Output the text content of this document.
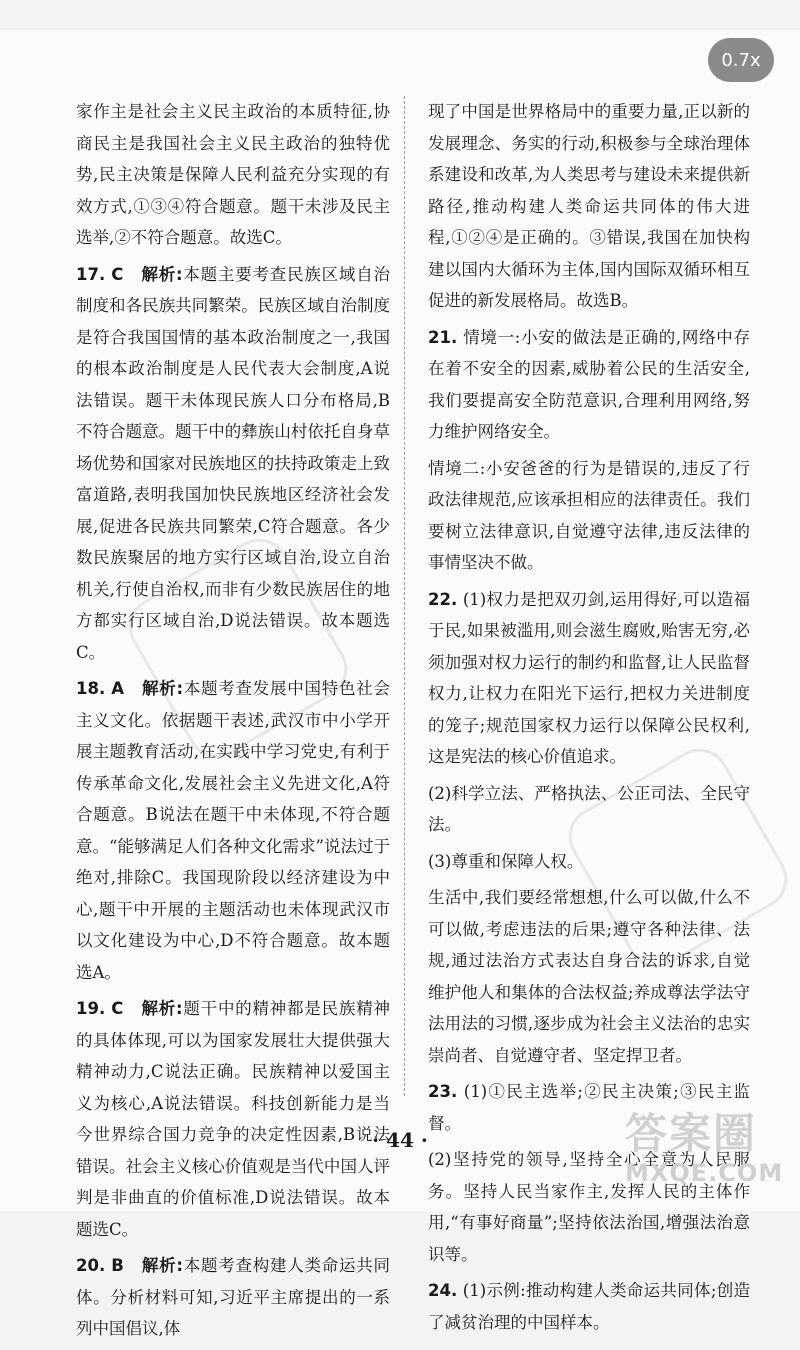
0.7x

家作主是社会主义民主政治的本质特征,协商民主是我国社会主义民主政治的独特优势,民主决策是保障人民利益充分实现的有效方式,①③④符合题意。题干未涉及民主选举,②不符合题意。故选C。

17. C　解析:本题主要考查民族区域自治制度和各民族共同繁荣。民族区域自治制度是符合我国国情的基本政治制度之一,我国的根本政治制度是人民代表大会制度,A说法错误。题干未体现民族人口分布格局,B不符合题意。题干中的彝族山村依托自身草场优势和国家对民族地区的扶持政策走上致富道路,表明我国加快民族地区经济社会发展,促进各民族共同繁荣,C符合题意。各少数民族聚居的地方实行区域自治,设立自治机关,行使自治权,而非有少数民族居住的地方都实行区域自治,D说法错误。故本题选C。

18. A　解析:本题考查发展中国特色社会主义文化。依据题干表述,武汉市中小学开展主题教育活动,在实践中学习党史,有利于传承革命文化,发展社会主义先进文化,A符合题意。B说法在题干中未体现,不符合题意。“能够满足人们各种文化需求”说法过于绝对,排除C。我国现阶段以经济建设为中心,题干中开展的主题活动也未体现武汉市以文化建设为中心,D不符合题意。故本题选A。

19. C　解析:题干中的精神都是民族精神的具体体现,可以为国家发展壮大提供强大精神动力,C说法正确。民族精神以爱国主义为核心,A说法错误。科技创新能力是当今世界综合国力竞争的决定性因素,B说法错误。社会主义核心价值观是当代中国人评判是非曲直的价值标准,D说法错误。故本题选C。

20. B　解析:本题考查构建人类命运共同体。分析材料可知,习近平主席提出的一系列中国倡议,体

现了中国是世界格局中的重要力量,正以新的发展理念、务实的行动,积极参与全球治理体系建设和改革,为人类思考与建设未来提供新路径,推动构建人类命运共同体的伟大进程,①②④是正确的。③错误,我国在加快构建以国内大循环为主体,国内国际双循环相互促进的新发展格局。故选B。

21. 情境一:小安的做法是正确的,网络中存在着不安全的因素,威胁着公民的生活安全,我们要提高安全防范意识,合理利用网络,努力维护网络安全。

情境二:小安爸爸的行为是错误的,违反了行政法律规范,应该承担相应的法律责任。我们要树立法律意识,自觉遵守法律,违反法律的事情坚决不做。

22. (1)权力是把双刃剑,运用得好,可以造福于民,如果被滥用,则会滋生腐败,贻害无穷,必须加强对权力运行的制约和监督,让人民监督权力,让权力在阳光下运行,把权力关进制度的笼子;规范国家权力运行以保障公民权利,这是宪法的核心价值追求。

(2)科学立法、严格执法、公正司法、全民守法。

(3)尊重和保障人权。

生活中,我们要经常想想,什么可以做,什么不可以做,考虑违法的后果;遵守各种法律、法规,通过法治方式表达自身合法的诉求,自觉维护他人和集体的合法权益;养成尊法学法守法用法的习惯,逐步成为社会主义法治的忠实崇尚者、自觉遵守者、坚定捍卫者。

23. (1)①民主选举;②民主决策;③民主监督。

(2)坚持党的领导,坚持全心全意为人民服务。坚持人民当家作主,发挥人民的主体作用,“有事好商量”;坚持依法治国,增强法治意识等。

24. (1)示例:推动构建人类命运共同体;创造了减贫治理的中国样本。

· 44 ·	答案圈
MXQE.COM
